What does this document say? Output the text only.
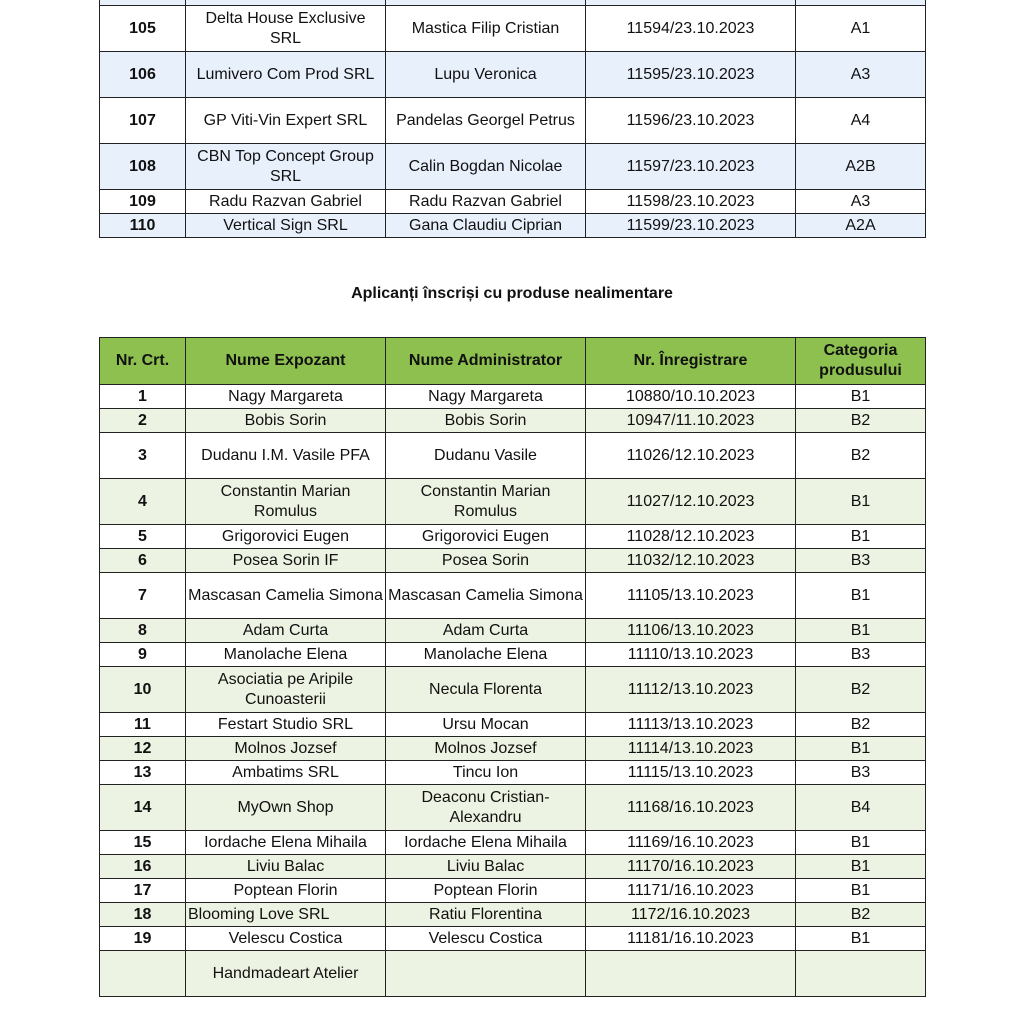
105	Delta House Exclusive SRL	Mastica Filip Cristian	11594/23.10.2023	A1
106	Lumivero Com Prod SRL	Lupu Veronica	11595/23.10.2023	A3
107	GP Viti-Vin Expert SRL	Pandelas Georgel Petrus	11596/23.10.2023	A4
108	CBN Top Concept Group SRL	Calin Bogdan Nicolae	11597/23.10.2023	A2B
109	Radu Razvan Gabriel	Radu Razvan Gabriel	11598/23.10.2023	A3
110	Vertical Sign SRL	Gana Claudiu Ciprian	11599/23.10.2023	A2A
Aplicanți înscriși cu produse nealimentare
Nr. Crt.	Nume Expozant	Nume Administrator	Nr. Înregistrare	Categoria produsului
1	Nagy Margareta	Nagy Margareta	10880/10.10.2023	B1
2	Bobis Sorin	Bobis Sorin	10947/11.10.2023	B2
3	Dudanu I.M. Vasile PFA	Dudanu Vasile	11026/12.10.2023	B2
4	Constantin Marian Romulus	Constantin Marian Romulus	11027/12.10.2023	B1
5	Grigorovici Eugen	Grigorovici Eugen	11028/12.10.2023	B1
6	Posea Sorin IF	Posea Sorin	11032/12.10.2023	B3
7	Mascasan Camelia Simona	Mascasan Camelia Simona	11105/13.10.2023	B1
8	Adam Curta	Adam Curta	11106/13.10.2023	B1
9	Manolache Elena	Manolache Elena	11110/13.10.2023	B3
10	Asociatia pe Aripile Cunoasterii	Necula Florenta	11112/13.10.2023	B2
11	Festart Studio SRL	Ursu Mocan	11113/13.10.2023	B2
12	Molnos Jozsef	Molnos Jozsef	11114/13.10.2023	B1
13	Ambatims SRL	Tincu Ion	11115/13.10.2023	B3
14	MyOwn Shop	Deaconu Cristian-Alexandru	11168/16.10.2023	B4
15	Iordache Elena Mihaila	Iordache Elena Mihaila	11169/16.10.2023	B1
16	Liviu Balac	Liviu Balac	11170/16.10.2023	B1
17	Poptean Florin	Poptean Florin	11171/16.10.2023	B1
18	Blooming Love SRL	Ratiu Florentina	1172/16.10.2023	B2
19	Velescu Costica	Velescu Costica	11181/16.10.2023	B1
	Handmadeart Atelier			
